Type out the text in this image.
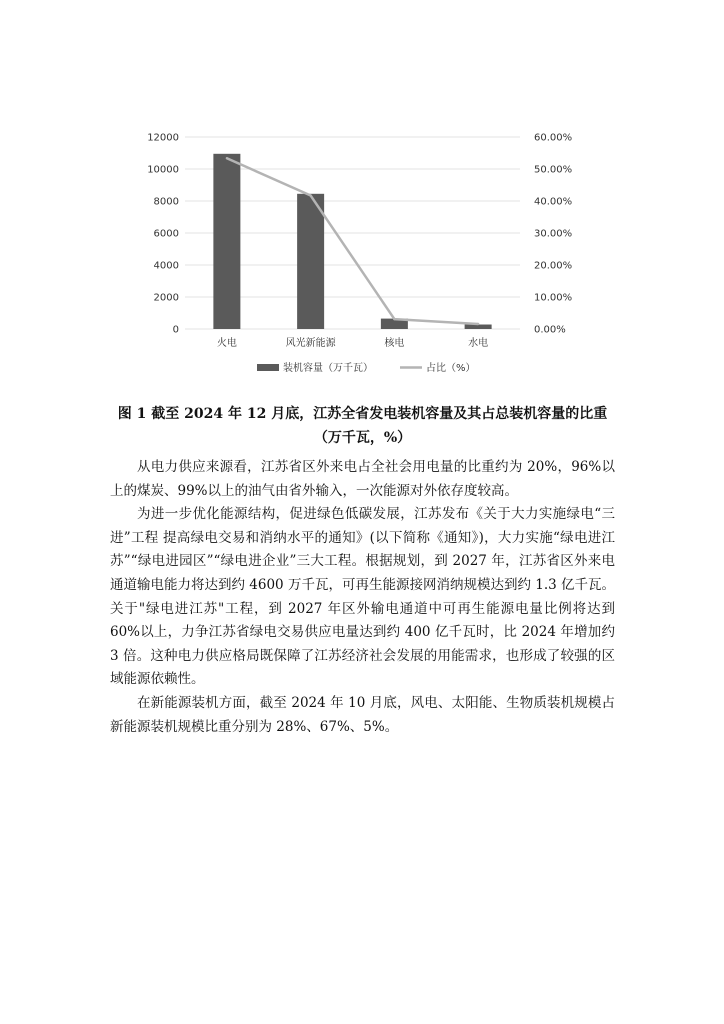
0
2000
4000
6000
8000
10000
12000
0.00%
10.00%
20.00%
30.00%
40.00%
50.00%
60.00%
火电	风光新能源	核电	水电
装机容量（万千瓦）	占比（%）

图 1 截至 2024 年 12 月底，江苏全省发电装机容量及其占总装机容量的比重（万千瓦，%）

从电力供应来源看，江苏省区外来电占全社会用电量的比重约为 20%，96%以上的煤炭、99%以上的油气由省外输入，一次能源对外依存度较高。

为进一步优化能源结构，促进绿色低碳发展，江苏发布《关于大力实施绿电“三进”工程 提高绿电交易和消纳水平的通知》(以下简称《通知》)，大力实施“绿电进江苏”“绿电进园区”“绿电进企业”三大工程。根据规划，到 2027 年，江苏省区外来电通道输电能力将达到约 4600 万千瓦，可再生能源接网消纳规模达到约 1.3 亿千瓦。关于"绿电进江苏"工程，到 2027 年区外输电通道中可再生能源电量比例将达到 60%以上，力争江苏省绿电交易供应电量达到约 400 亿千瓦时，比 2024 年增加约 3 倍。这种电力供应格局既保障了江苏经济社会发展的用能需求，也形成了较强的区域能源依赖性。

在新能源装机方面，截至 2024 年 10 月底，风电、太阳能、生物质装机规模占新能源装机规模比重分别为 28%、67%、5%。
